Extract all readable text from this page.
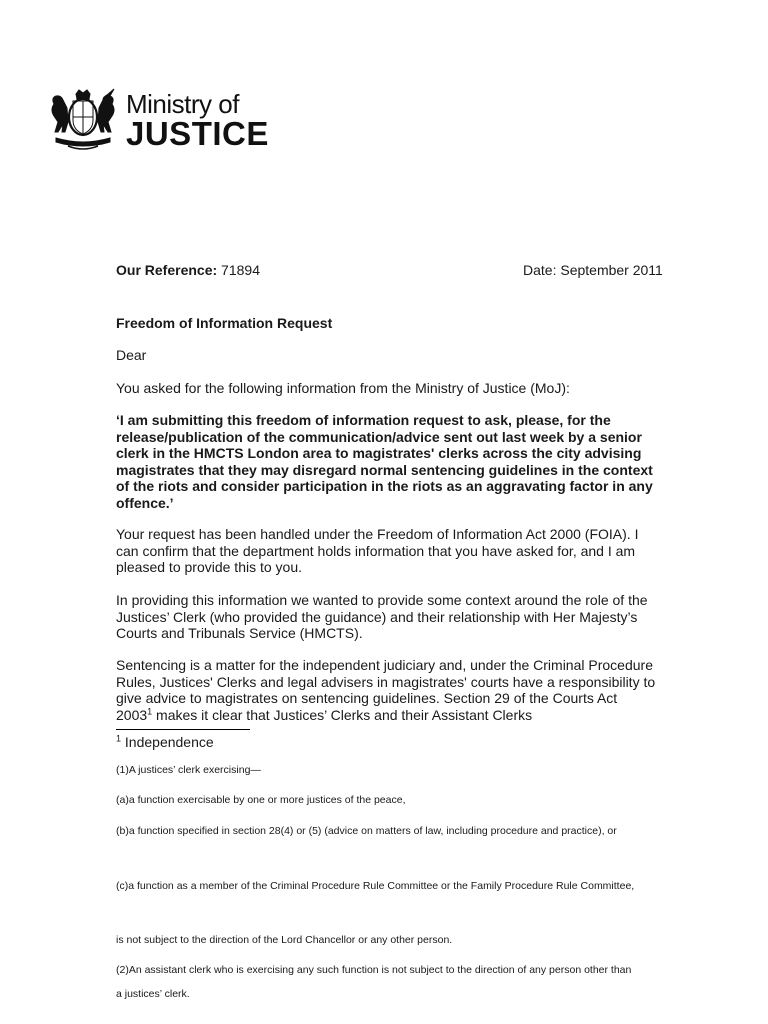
Ministry of
JUSTICE
Our Reference: 71894	Date: September 2011
Freedom of Information Request
Dear
You asked for the following information from the Ministry of Justice (MoJ):
‘I am submitting this freedom of information request to ask, please, for the release/publication of the communication/advice sent out last week by a senior clerk in the HMCTS London area to magistrates' clerks across the city advising magistrates that they may disregard normal sentencing guidelines in the context of the riots and consider participation in the riots as an aggravating factor in any offence.’
Your request has been handled under the Freedom of Information Act 2000 (FOIA). I can confirm that the department holds information that you have asked for, and I am pleased to provide this to you.
In providing this information we wanted to provide some context around the role of the Justices’ Clerk (who provided the guidance) and their relationship with Her Majesty’s Courts and Tribunals Service (HMCTS).
Sentencing is a matter for the independent judiciary and, under the Criminal Procedure Rules, Justices' Clerks and legal advisers in magistrates' courts have a responsibility to give advice to magistrates on sentencing guidelines. Section 29 of the Courts Act 2003$^1$ makes it clear that Justices’ Clerks and their Assistant Clerks
$^1$ Independence
(1)A justices’ clerk exercising—
(a)a function exercisable by one or more justices of the peace,
(b)a function specified in section 28(4) or (5) (advice on matters of law, including procedure and practice), or
(c)a function as a member of the Criminal Procedure Rule Committee or the Family Procedure Rule Committee,
is not subject to the direction of the Lord Chancellor or any other person.
(2)An assistant clerk who is exercising any such function is not subject to the direction of any person other than a justices’ clerk.
